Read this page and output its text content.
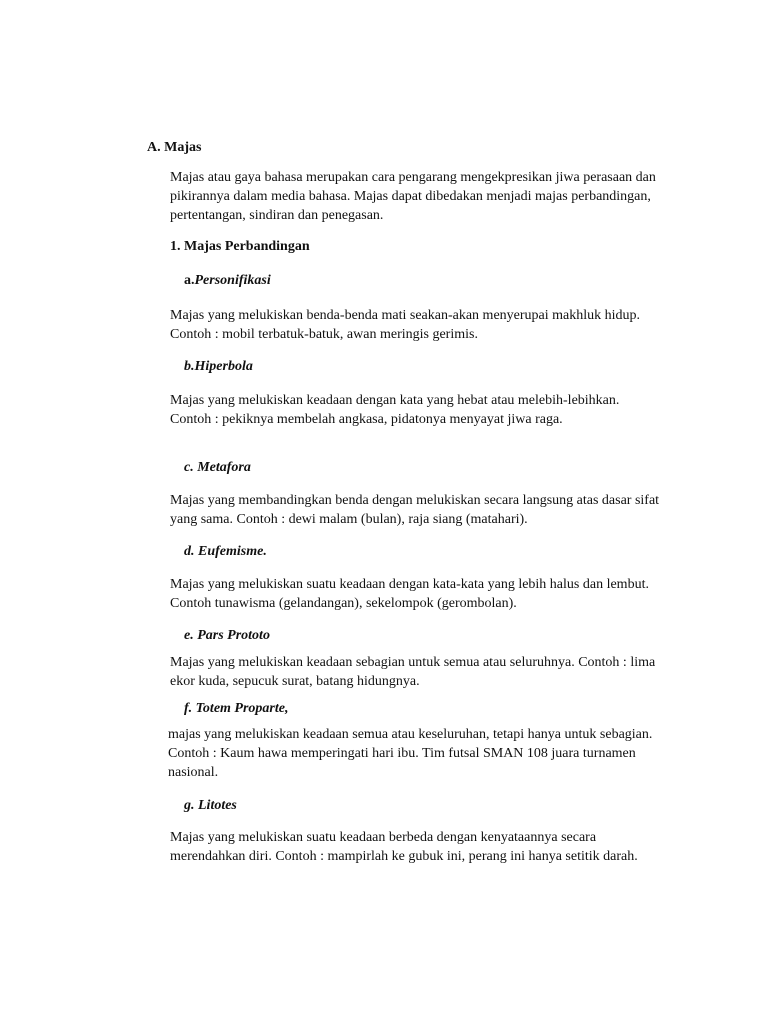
A. Majas

Majas atau gaya bahasa merupakan cara pengarang mengekpresikan jiwa perasaan dan pikirannya dalam media bahasa. Majas dapat dibedakan menjadi majas perbandingan, pertentangan, sindiran dan penegasan.

1. Majas Perbandingan

a.Personifikasi

Majas yang melukiskan benda-benda mati seakan-akan menyerupai makhluk hidup. Contoh : mobil terbatuk-batuk, awan meringis gerimis.

b.Hiperbola

Majas yang melukiskan keadaan dengan kata yang hebat atau melebih-lebihkan. Contoh : pekiknya membelah angkasa, pidatonya menyayat jiwa raga.

c. Metafora

Majas yang membandingkan benda dengan melukiskan secara langsung atas dasar sifat yang sama. Contoh : dewi malam (bulan), raja siang (matahari).

d. Eufemisme.

Majas yang melukiskan suatu keadaan dengan kata-kata yang lebih halus dan lembut. Contoh tunawisma (gelandangan), sekelompok (gerombolan).

e. Pars Prototo

Majas yang melukiskan keadaan sebagian untuk semua atau seluruhnya. Contoh : lima ekor kuda, sepucuk surat, batang hidungnya.

f. Totem Proparte,

majas yang melukiskan keadaan semua atau keseluruhan, tetapi hanya untuk sebagian. Contoh : Kaum hawa memperingati hari ibu. Tim futsal SMAN 108 juara turnamen nasional.

g. Litotes

Majas yang melukiskan suatu keadaan berbeda dengan kenyataannya secara merendahkan diri. Contoh : mampirlah ke gubuk ini, perang ini hanya setitik darah.
